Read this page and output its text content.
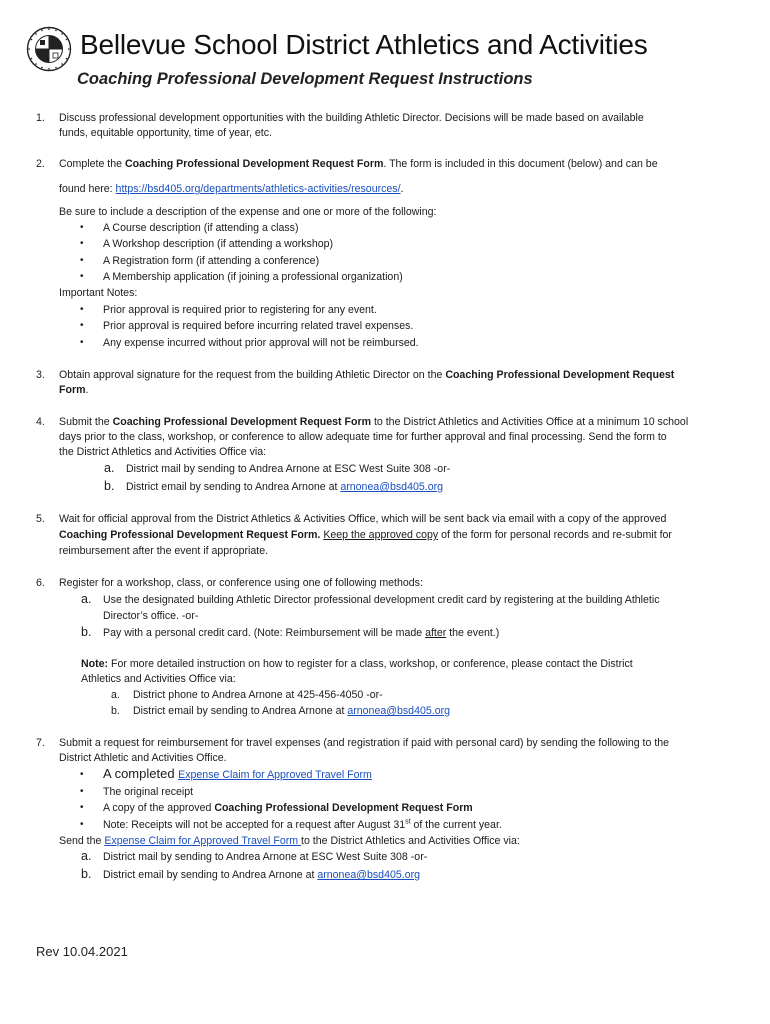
Bellevue School District Athletics and Activities
Coaching Professional Development Request Instructions
1. Discuss professional development opportunities with the building Athletic Director. Decisions will be made based on available
funds, equitable opportunity, time of year, etc.
2. Complete the Coaching Professional Development Request Form. The form is included in this document (below) and can be
found here: https://bsd405.org/departments/athletics-activities/resources/.
Be sure to include a description of the expense and one or more of the following:
• A Course description (if attending a class)
• A Workshop description (if attending a workshop)
• A Registration form (if attending a conference)
• A Membership application (if joining a professional organization)
Important Notes:
• Prior approval is required prior to registering for any event.
• Prior approval is required before incurring related travel expenses.
• Any expense incurred without prior approval will not be reimbursed.
3. Obtain approval signature for the request from the building Athletic Director on the Coaching Professional Development Request
Form.
4. Submit the Coaching Professional Development Request Form to the District Athletics and Activities Office at a minimum 10 school
days prior to the class, workshop, or conference to allow adequate time for further approval and final processing. Send the form to
the District Athletics and Activities Office via:
a. District mail by sending to Andrea Arnone at ESC West Suite 308 -or-
b. District email by sending to Andrea Arnone at arnonea@bsd405.org
5. Wait for official approval from the District Athletics & Activities Office, which will be sent back via email with a copy of the approved
Coaching Professional Development Request Form. Keep the approved copy of the form for personal records and re-submit for
reimbursement after the event if appropriate.
6. Register for a workshop, class, or conference using one of following methods:
a. Use the designated building Athletic Director professional development credit card by registering at the building Athletic
Director’s office. -or-
b. Pay with a personal credit card. (Note: Reimbursement will be made after the event.)
Note: For more detailed instruction on how to register for a class, workshop, or conference, please contact the District
Athletics and Activities Office via:
a. District phone to Andrea Arnone at 425-456-4050 -or-
b. District email by sending to Andrea Arnone at arnonea@bsd405.org
7. Submit a request for reimbursement for travel expenses (and registration if paid with personal card) by sending the following to the
District Athletic and Activities Office.
• A completed Expense Claim for Approved Travel Form
• The original receipt
• A copy of the approved Coaching Professional Development Request Form
• Note: Receipts will not be accepted for a request after August 31st of the current year.
Send the Expense Claim for Approved Travel Form to the District Athletics and Activities Office via:
a. District mail by sending to Andrea Arnone at ESC West Suite 308 -or-
b. District email by sending to Andrea Arnone at arnonea@bsd405.org
Rev 10.04.2021
